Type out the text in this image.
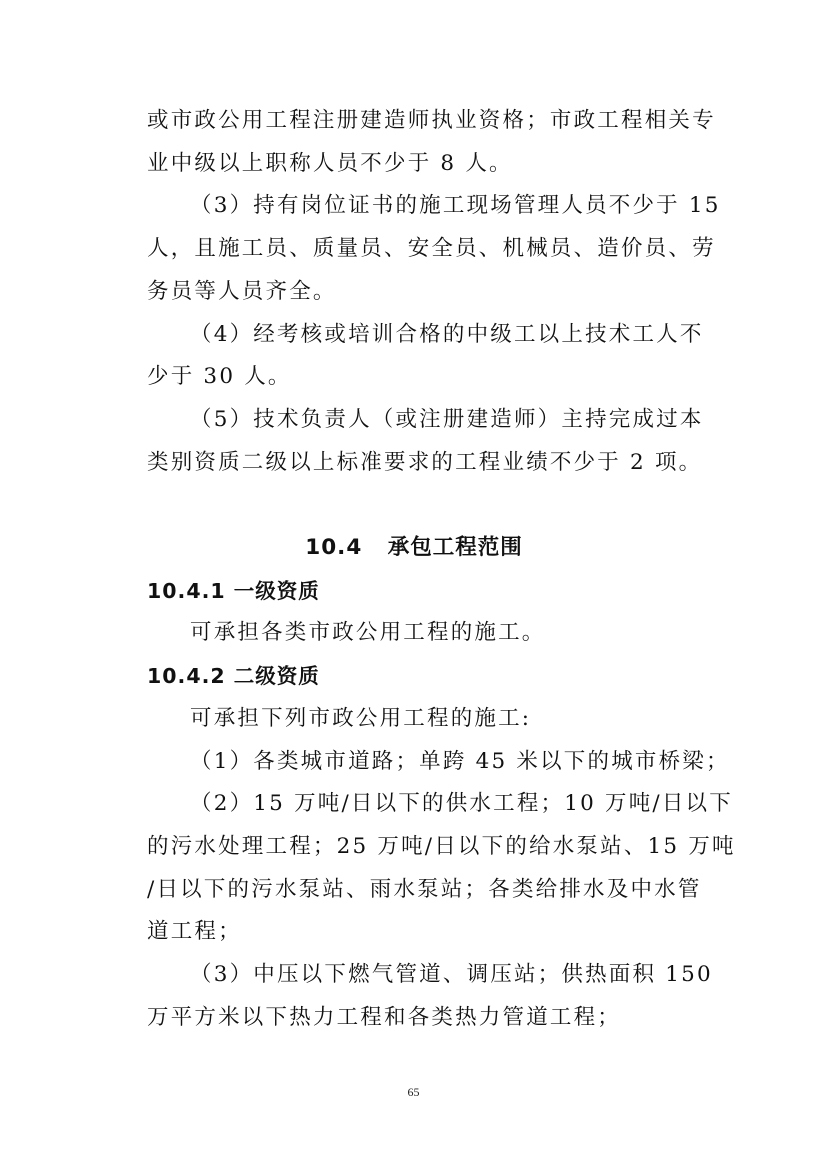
或市政公用工程注册建造师执业资格；市政工程相关专

业中级以上职称人员不少于 8 人。

（3）持有岗位证书的施工现场管理人员不少于 15

人，且施工员、质量员、安全员、机械员、造价员、劳

务员等人员齐全。

（4）经考核或培训合格的中级工以上技术工人不

少于 30 人。

（5）技术负责人（或注册建造师）主持完成过本

类别资质二级以上标准要求的工程业绩不少于 2 项。

10.4   承包工程范围
10.4.1 一级资质

可承担各类市政公用工程的施工。

10.4.2 二级资质

可承担下列市政公用工程的施工:

（1）各类城市道路；单跨 45 米以下的城市桥梁；

（2）15 万吨/日以下的供水工程；10 万吨/日以下

的污水处理工程；25 万吨/日以下的给水泵站、15 万吨

/日以下的污水泵站、雨水泵站；各类给排水及中水管

道工程；

（3）中压以下燃气管道、调压站；供热面积 150

万平方米以下热力工程和各类热力管道工程；

65
